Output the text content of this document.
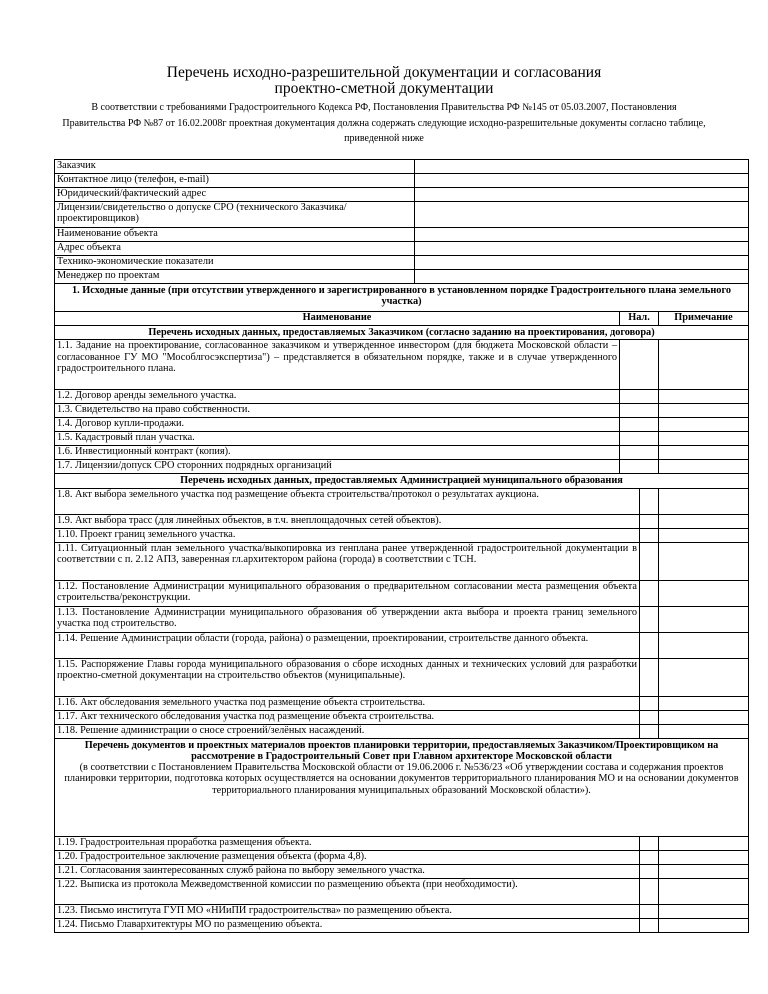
Перечень исходно-разрешительной документации и согласования
проектно-сметной документации
В соответствии с требованиями Градостроительного Кодекса РФ, Постановления Правительства РФ №145 от 05.03.2007, Постановления Правительства РФ №87 от 16.02.2008г проектная документация должна содержать следующие исходно-разрешительные документы согласно таблице, приведенной ниже
Заказчик				
Контактное лицо (телефон, e-mail)				
Юридический/фактический адрес				
Лицензии/свидетельство о допуске СРО (технического Заказчика/проектировщиков)				
Наименование объекта				
Адрес объекта				
Технико-экономические показатели				
Менеджер по проектам				
1. Исходные данные (при отсутствии утвержденного и зарегистрированного в установленном порядке Градостроительного плана земельного участка)				
Наименование		Нал.		Примечание

Перечень исходных данных, предоставляемых Заказчиком (согласно заданию на проектирования, договора)				

1.1. Задание на проектирование, согласованное заказчиком и утвержденное инвестором (для бюджета Московской области – согласованное ГУ МО "Мособлгосэкспертиза") – представляется в обязательном порядке, также и в случае утвержденного градостроительного плана.				
1.2. Договор аренды земельного участка.				
1.3. Свидетельство на право собственности.				
1.4. Договор купли-продажи.				
1.5. Кадастровый план участка.				
1.6. Инвестиционный контракт (копия).				
1.7. Лицензии/допуск СРО сторонних подрядных организаций				

Перечень исходных данных, предоставляемых Администрацией муниципального образования				

1.8. Акт выбора земельного участка под размещение объекта строительства/протокол о результатах аукциона.				
1.9. Акт выбора трасс (для линейных объектов, в т.ч. внеплощадочных сетей объектов).				
1.10. Проект границ земельного участка.				
1.11. Ситуационный план земельного участка/выкопировка из генплана ранее утвержденной градостроительной документации в соответствии с п. 2.12 АПЗ, заверенная гл.архитектором района (города) в соответствии с ТСН.				
1.12. Постановление Администрации муниципального образования о предварительном согласовании места размещения объекта строительства/реконструкции.				
1.13. Постановление Администрации муниципального образования об утверждении акта выбора и проекта границ земельного участка под строительство.				
1.14. Решение Администрации области (города, района) о размещении, проектировании, строительстве данного объекта.				
1.15. Распоряжение Главы города муниципального образования о сборе исходных данных и технических условий для разработки проектно-сметной документации на строительство объектов (муниципальные).				
1.16. Акт обследования земельного участка под размещение объекта строительства.				
1.17. Акт технического обследования участка под размещение объекта строительства.				
1.18. Решение администрации о сносе строений/зелёных насаждений.				

Перечень документов и проектных материалов проектов планировки территории, предоставляемых Заказчиком/Проектировщиком на рассмотрение в Градостроительный Совет при Главном архитекторе Московской области
(в соответствии с Постановлением Правительства Московской области от 19.06.2006 г. №536/23 «Об утверждении состава и содержания проектов планировки территории, подготовка которых осуществляется на основании документов территориального планирования МО и на основании документов территориального планирования муниципальных образований Московской области»).				

1.19. Градостроительная проработка размещения объекта.				
1.20. Градостроительное заключение размещения объекта (форма 4,8).				
1.21. Согласования заинтересованных служб района по выбору земельного участка.				
1.22. Выписка из протокола Межведомственной комиссии по размещению объекта (при необходимости).				
1.23. Письмо института ГУП МО «НИиПИ градостроительства» по размещению объекта.				
1.24. Письмо Главархитектуры МО по размещению объекта.				
